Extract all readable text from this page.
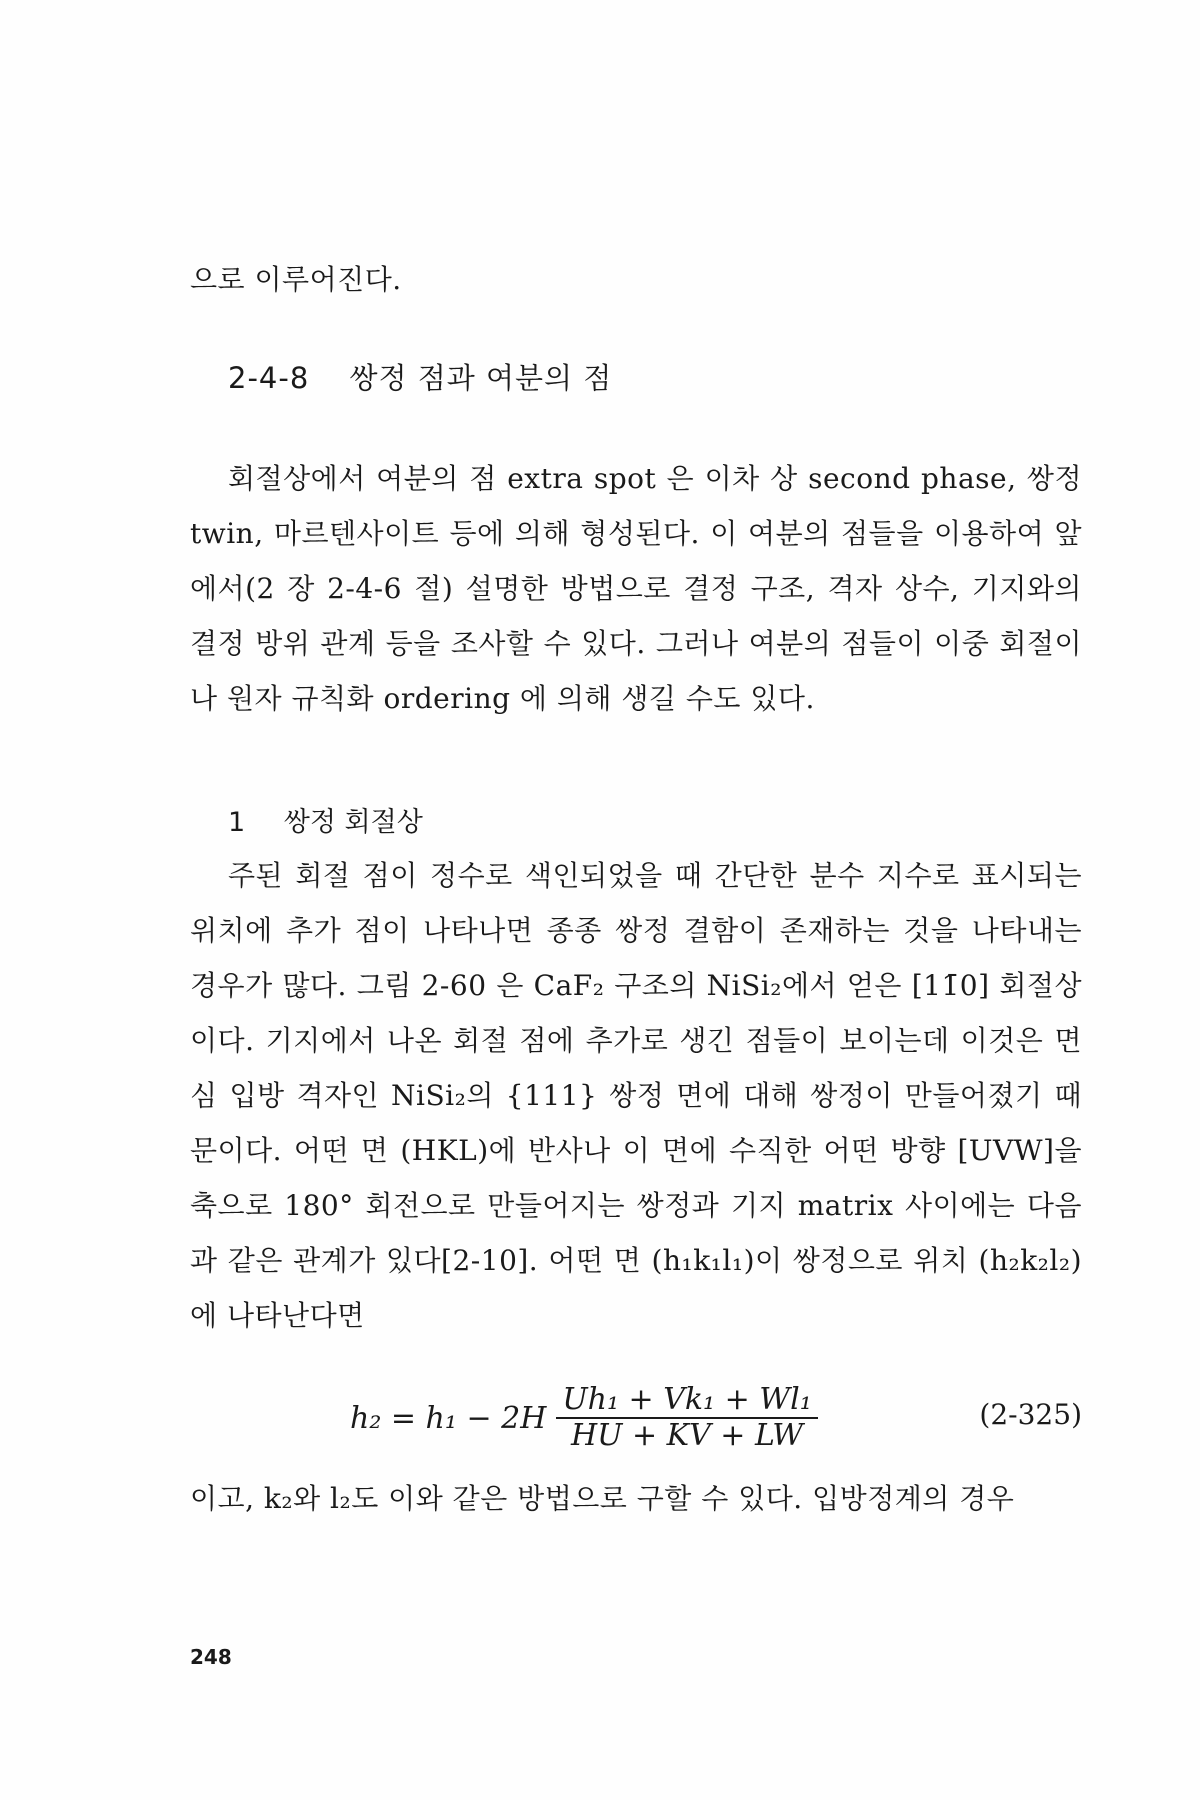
으로 이루어진다.

2-4-8 쌍정 점과 여분의 점

회절상에서 여분의 점 extra spot 은 이차 상 second phase, 쌍정 twin, 마르텐사이트 등에 의해 형성된다. 이 여분의 점들을 이용하여 앞에서(2 장 2-4-6 절) 설명한 방법으로 결정 구조, 격자 상수, 기지와의 결정 방위 관계 등을 조사할 수 있다. 그러나 여분의 점들이 이중 회절이나 원자 규칙화 ordering 에 의해 생길 수도 있다.

1 쌍정 회절상

주된 회절 점이 정수로 색인되었을 때 간단한 분수 지수로 표시되는 위치에 추가 점이 나타나면 종종 쌍정 결함이 존재하는 것을 나타내는 경우가 많다. 그림 2-60 은 CaF₂ 구조의 NiSi₂에서 얻은 [11̄0] 회절상이다. 기지에서 나온 회절 점에 추가로 생긴 점들이 보이는데 이것은 면심 입방 격자인 NiSi₂의 {111} 쌍정 면에 대해 쌍정이 만들어졌기 때문이다. 어떤 면 (HKL)에 반사나 이 면에 수직한 어떤 방향 [UVW]을 축으로 180° 회전으로 만들어지는 쌍정과 기지 matrix 사이에는 다음과 같은 관계가 있다[2-10]. 어떤 면 (h₁k₁l₁)이 쌍정으로 위치 (h₂k₂l₂)에 나타난다면

$h_2 = h_1 - 2H \frac{\text{Uh₁ + Vk₁ + Wl₁}}{HU + KV + LW}$	(2-325)

이고, k₂와 l₂도 이와 같은 방법으로 구할 수 있다. 입방정계의 경우

248
